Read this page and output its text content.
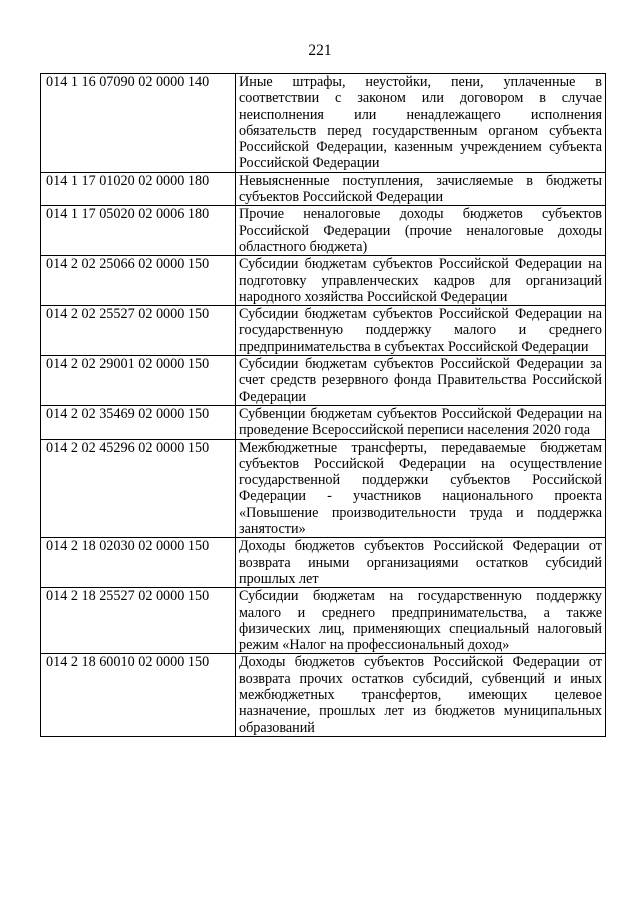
221
014 1 16 07090 02 0000 140	Иные штрафы, неустойки, пени, уплаченные в соответствии с законом или договором в случае неисполнения или ненадлежащего исполнения обязательств перед государственным органом субъекта Российской Федерации, казенным учреждением субъекта Российской Федерации
014 1 17 01020 02 0000 180	Невыясненные поступления, зачисляемые в бюджеты субъектов Российской Федерации
014 1 17 05020 02 0006 180	Прочие неналоговые доходы бюджетов субъектов Российской Федерации (прочие неналоговые доходы областного бюджета)
014 2 02 25066 02 0000 150	Субсидии бюджетам субъектов Российской Федерации на подготовку управленческих кадров для организаций народного хозяйства Российской Федерации
014 2 02 25527 02 0000 150	Субсидии бюджетам субъектов Российской Федерации на государственную поддержку малого и среднего предпринимательства в субъектах Российской Федерации
014 2 02 29001 02 0000 150	Субсидии бюджетам субъектов Российской Федерации за счет средств резервного фонда Правительства Российской Федерации
014 2 02 35469 02 0000 150	Субвенции бюджетам субъектов Российской Федерации на проведение Всероссийской переписи населения 2020 года
014 2 02 45296 02 0000 150	Межбюджетные трансферты, передаваемые бюджетам субъектов Российской Федерации на осуществление государственной поддержки субъектов Российской Федерации - участников национального проекта «Повышение производительности труда и поддержка занятости»
014 2 18 02030 02 0000 150	Доходы бюджетов субъектов Российской Федерации от возврата иными организациями остатков субсидий прошлых лет
014 2 18 25527 02 0000 150	Субсидии бюджетам на государственную поддержку малого и среднего предпринимательства, а также физических лиц, применяющих специальный налоговый режим «Налог на профессиональный доход»
014 2 18 60010 02 0000 150	Доходы бюджетов субъектов Российской Федерации от возврата прочих остатков субсидий, субвенций и иных межбюджетных трансфертов, имеющих целевое назначение, прошлых лет из бюджетов муниципальных образований
